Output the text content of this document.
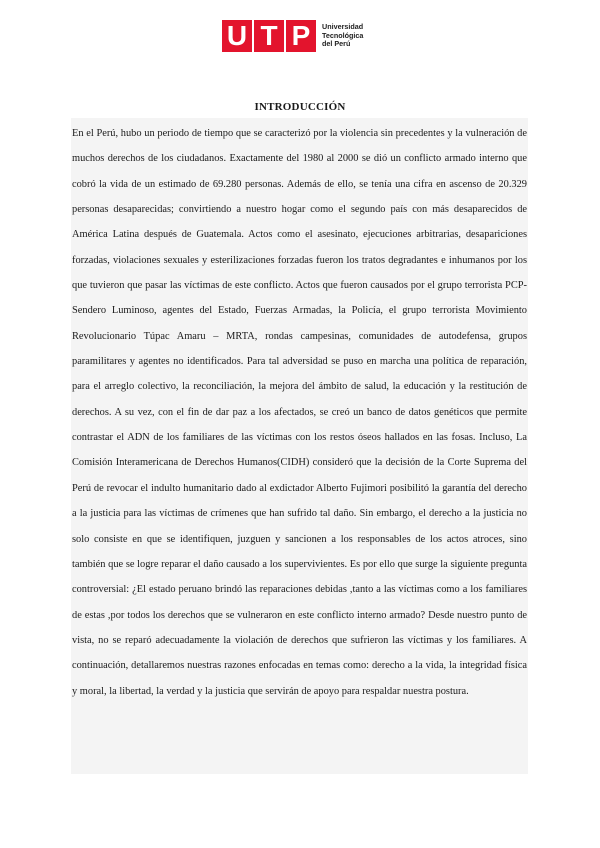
U T P	Universidad
Tecnológica
del Perú
INTRODUCCIÓN
En el Perú, hubo un periodo de tiempo que se caracterizó por la violencia sin precedentes y la vulneración de muchos derechos de los ciudadanos. Exactamente del 1980 al 2000 se dió un conflicto armado interno que cobró la vida de un estimado de 69.280 personas. Además de ello, se tenía una cifra en ascenso de 20.329 personas desaparecidas; convirtiendo a nuestro hogar como el segundo país con más desaparecidos de América Latina después de Guatemala. Actos como el asesinato, ejecuciones arbitrarias, desapariciones forzadas, violaciones sexuales y esterilizaciones forzadas fueron los tratos degradantes e inhumanos por los que tuvieron que pasar las víctimas de este conflicto. Actos que fueron causados por el grupo terrorista PCP-Sendero Luminoso, agentes del Estado, Fuerzas Armadas, la Policía, el grupo terrorista Movimiento Revolucionario Túpac Amaru – MRTA, rondas campesinas, comunidades de autodefensa, grupos paramilitares y agentes no identificados. Para tal adversidad se puso en marcha una política de reparación, para el arreglo colectivo, la reconciliación, la mejora del ámbito de salud, la educación y la restitución de derechos. A su vez, con el fin de dar paz a los afectados, se creó un banco de datos genéticos que permite contrastar el ADN de los familiares de las víctimas con los restos óseos hallados en las fosas. Incluso, La Comisión Interamericana de Derechos Humanos(CIDH) consideró que la decisión de la Corte Suprema del Perú de revocar el indulto humanitario dado al exdictador Alberto Fujimori posibilitó la garantía del derecho a la justicia para las víctimas de crímenes que han sufrido tal daño. Sin embargo, el derecho a la justicia no solo consiste en que se identifiquen, juzguen y sancionen a los responsables de los actos atroces, sino también que se logre reparar el daño causado a los supervivientes. Es por ello que surge la siguiente pregunta controversial: ¿El estado peruano brindó las reparaciones debidas ,tanto a las víctimas como a los familiares de estas ,por todos los derechos que se vulneraron en este conflicto interno armado? Desde nuestro punto de vista, no se reparó adecuadamente la violación de derechos que sufrieron las víctimas y los familiares. A continuación, detallaremos nuestras razones enfocadas en temas como: derecho a la vida, la integridad física y moral, la libertad, la verdad y la justicia que servirán de apoyo para respaldar nuestra postura.
